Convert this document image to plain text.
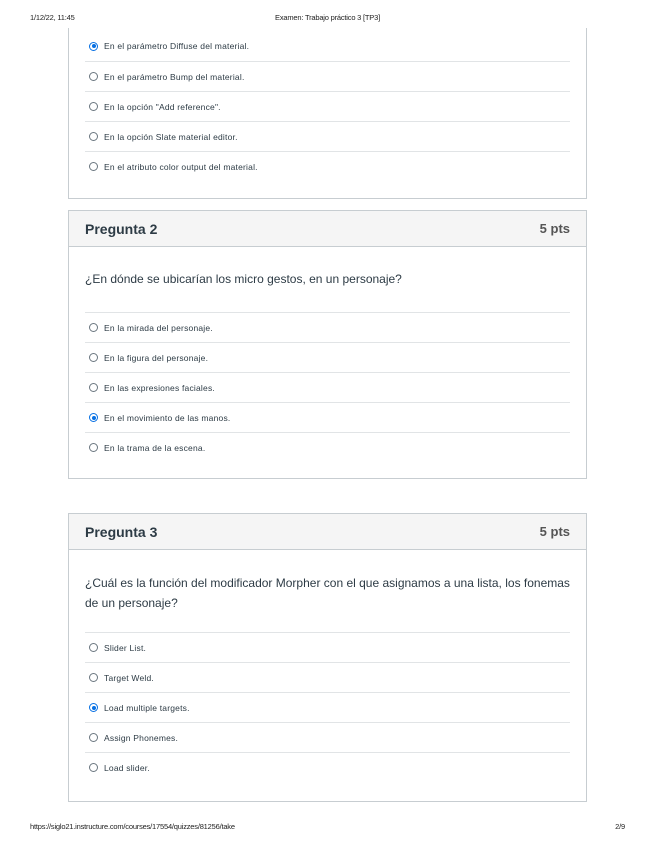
1/12/22, 11:45	Examen: Trabajo práctico 3 [TP3]
En el parámetro Diffuse del material.
En el parámetro Bump del material.
En la opción "Add reference".
En la opción Slate material editor.
En el atributo color output del material.
Pregunta 2	5 pts
¿En dónde se ubicarían los micro gestos, en un personaje?
En la mirada del personaje.
En la figura del personaje.
En las expresiones faciales.
En el movimiento de las manos.
En la trama de la escena.
Pregunta 3	5 pts
¿Cuál es la función del modificador Morpher con el que asignamos a una lista, los fonemas de un personaje?
Slider List.
Target Weld.
Load multiple targets.
Assign Phonemes.
Load slider.
https://siglo21.instructure.com/courses/17554/quizzes/81256/take	2/9
